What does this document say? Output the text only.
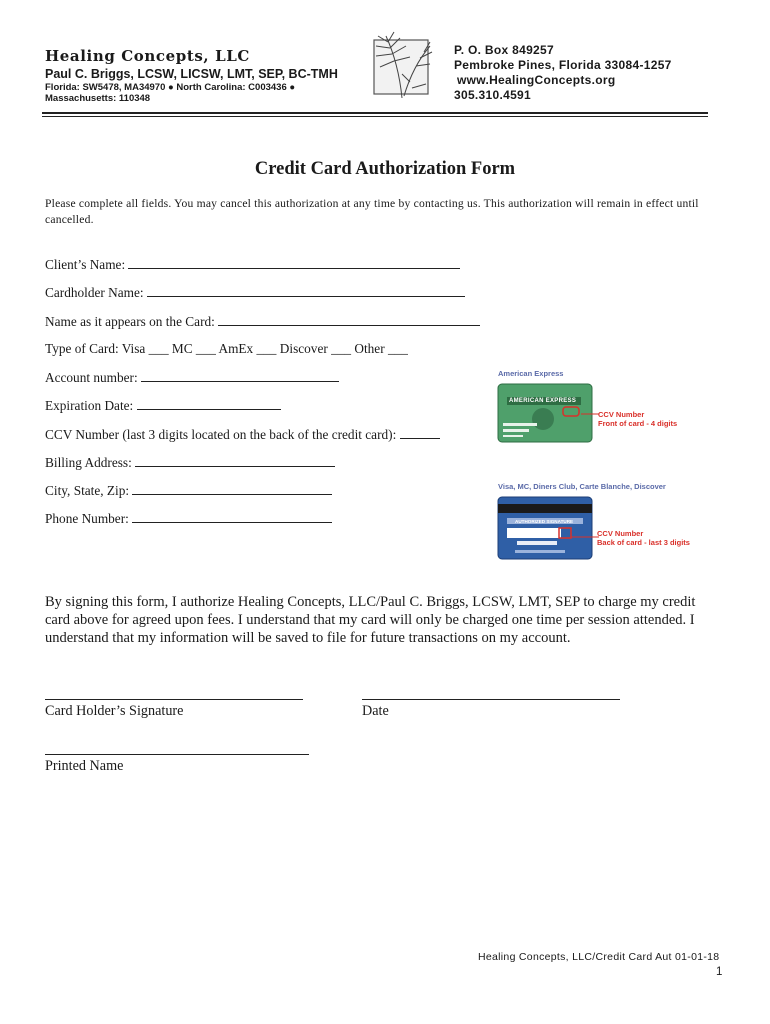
Healing Concepts, LLC
Paul C. Briggs, LCSW, LICSW, LMT, SEP, BC-TMH
Florida: SW5478, MA34970 ● North Carolina: C003436 ●
Massachusetts: 110348
P. O. Box 849257
Pembroke Pines, Florida 33084-1257
www.HealingConcepts.org
305.310.4591
Credit Card Authorization Form
Please complete all fields. You may cancel this authorization at any time by contacting us. This authorization will remain in effect until cancelled.
Client’s Name:
Cardholder Name:
Name as it appears on the Card:
Type of Card: Visa ___ MC ___ AmEx ___ Discover ___ Other ___
Account number:
Expiration Date:
CCV Number (last 3 digits located on the back of the credit card):
Billing Address:
City, State, Zip:
Phone Number:
American Express
AMERICAN EXPRESS
CCV Number
Front of card - 4 digits
Visa, MC, Diners Club, Carte Blanche, Discover
AUTHORIZED SIGNATURE
CCV Number
Back of card - last 3 digits
By signing this form, I authorize Healing Concepts, LLC/Paul C. Briggs, LCSW, LMT, SEP to charge my credit card above for agreed upon fees. I understand that my card will only be charged one time per session attended. I understand that my information will be saved to file for future transactions on my account.
Card Holder’s Signature	Date
Printed Name
Healing Concepts, LLC/Credit Card Aut 01-01-18
1
